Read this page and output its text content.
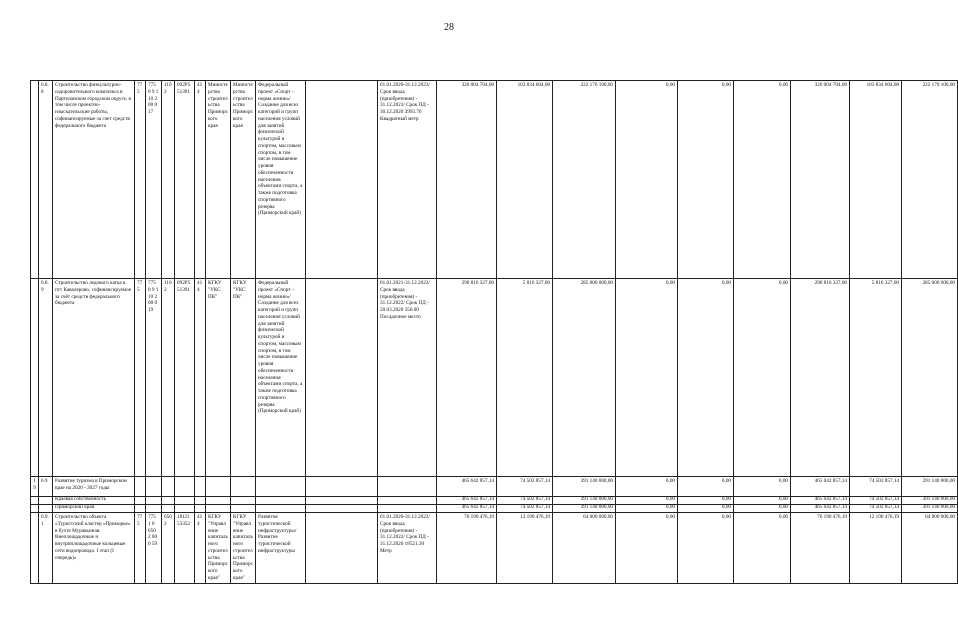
28
	6.8.8	Строительство физкультурно-оздоровительного комплекса в Партизанском городском округе, в том числе проектно-изыскательские работы, софинансируемые за счет средств федерального бюджета	775	775 0 9 1 10 2 00 0 17	1102	092P5 51391	414	Министерство строительства Приморского края	Министерство строительства Приморского края	Федеральный проект «Спорт – норма жизни»/Создание для всех категорий и групп населения условий для занятий физической культурой и спортом, массовым спортом, в том числе повышение уровня обеспеченности населения объектами спорта, а также подготовка спортивного резерва (Приморский край)		01.01.2020-31.12.2023/ Срок ввода (приобретения) - 31.12.2023/ Срок ПД - 30.12.2020 3993.70 Квадратный метр	326 004 704,08	103 834 604,08	222 170 100,00	0,00	0,00	0,00	326 004 704,08	103 834 604,08	222 170 100,00
	6.8.9	Строительство ледового катка в пгт Кавалерово, софинансируемое за счёт средств федерального бюджета	775	775 0 9 1 10 2 00 0 19	1102	092P5 51391	414	КГКУ "УКС ПК"	КГКУ "УКС ПК"	Федеральный проект «Спорт – норма жизни»/Создание для всех категорий и групп населения условий для занятий физической культурой и спортом, массовым спортом, в том числе повышение уровня обеспеченности населения объектами спорта, а также подготовка спортивного резерва (Приморский край)		01.01.2021-31.12.2022/ Срок ввода (приобретения) - 31.12.2022/ Срок ПД - 20.03.2020 350.00 Посадочное место	290 816 327,00	5 816 327,00	285 000 000,00	0,00	0,00	0,00	290 816 327,00	5 816 327,00	285 000 000,00
19	6.9	Развитие туризма в Приморском крае на 2020 - 2027 годы											465 642 857,14	74 502 857,14	391 140 000,00	0,00	0,00	0,00	465 642 857,14	74 502 857,14	391 140 000,00
		Краевая собственность											465 642 857,14	74 502 857,14	391 140 000,00	0,00	0,00	0,00	465 642 857,14	74 502 857,14	391 140 000,00
		Приморский край											465 642 857,14	74 502 857,14	391 140 000,00	0,00	0,00	0,00	465 642 857,14	74 502 857,14	391 140 000,00
	6.9.1	Строительство объекта «Туристский кластер «Приморье» в бухте Муравьиная. Внеплощадочные и внутриплощадочные кольцевые сети водопровода. I этап (I очередь)»	775	775 1 0 050 2 00 0 59	0502	181J1 53352	414	КГКУ "Управление капитального строительства Приморского края"	КГКУ "Управление капитального строительства Приморского края"	Развитие туристической инфраструктуры/ Развитие туристической инфраструктуры		01.01.2020-31.12.2022/ Срок ввода (приобретения) - 31.12.2022/ Срок ПД - 31.12.2020 18521.30 Метр	76 190 476,19	12 190 476,19	64 000 000,00	0,00	0,00	0,00	76 190 476,19	12 190 476,19	64 000 000,00
